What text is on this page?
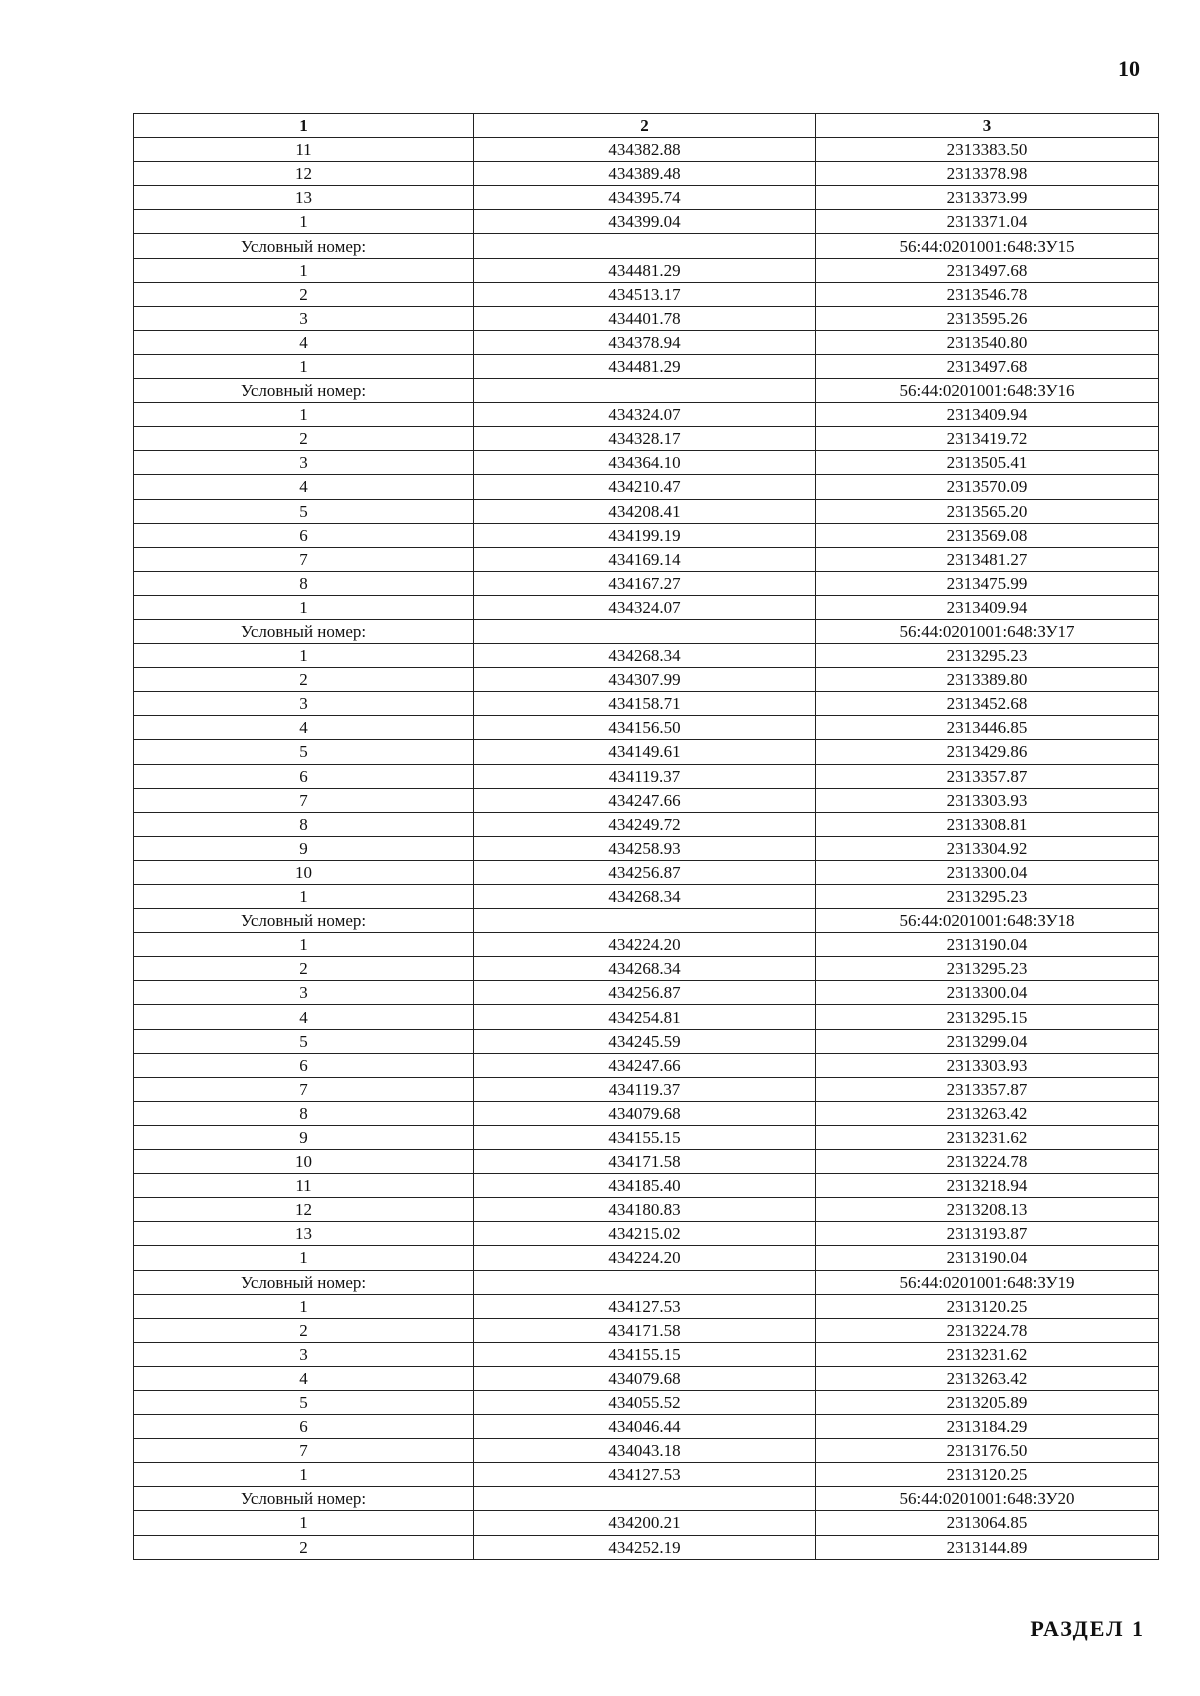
10
1	2	3
11	434382.88	2313383.50
12	434389.48	2313378.98
13	434395.74	2313373.99
1	434399.04	2313371.04
Условный номер:		56:44:0201001:648:ЗУ15
1	434481.29	2313497.68
2	434513.17	2313546.78
3	434401.78	2313595.26
4	434378.94	2313540.80
1	434481.29	2313497.68
Условный номер:		56:44:0201001:648:ЗУ16
1	434324.07	2313409.94
2	434328.17	2313419.72
3	434364.10	2313505.41
4	434210.47	2313570.09
5	434208.41	2313565.20
6	434199.19	2313569.08
7	434169.14	2313481.27
8	434167.27	2313475.99
1	434324.07	2313409.94
Условный номер:		56:44:0201001:648:ЗУ17
1	434268.34	2313295.23
2	434307.99	2313389.80
3	434158.71	2313452.68
4	434156.50	2313446.85
5	434149.61	2313429.86
6	434119.37	2313357.87
7	434247.66	2313303.93
8	434249.72	2313308.81
9	434258.93	2313304.92
10	434256.87	2313300.04
1	434268.34	2313295.23
Условный номер:		56:44:0201001:648:ЗУ18
1	434224.20	2313190.04
2	434268.34	2313295.23
3	434256.87	2313300.04
4	434254.81	2313295.15
5	434245.59	2313299.04
6	434247.66	2313303.93
7	434119.37	2313357.87
8	434079.68	2313263.42
9	434155.15	2313231.62
10	434171.58	2313224.78
11	434185.40	2313218.94
12	434180.83	2313208.13
13	434215.02	2313193.87
1	434224.20	2313190.04
Условный номер:		56:44:0201001:648:ЗУ19
1	434127.53	2313120.25
2	434171.58	2313224.78
3	434155.15	2313231.62
4	434079.68	2313263.42
5	434055.52	2313205.89
6	434046.44	2313184.29
7	434043.18	2313176.50
1	434127.53	2313120.25
Условный номер:		56:44:0201001:648:ЗУ20
1	434200.21	2313064.85
2	434252.19	2313144.89
РАЗДЕЛ 1
